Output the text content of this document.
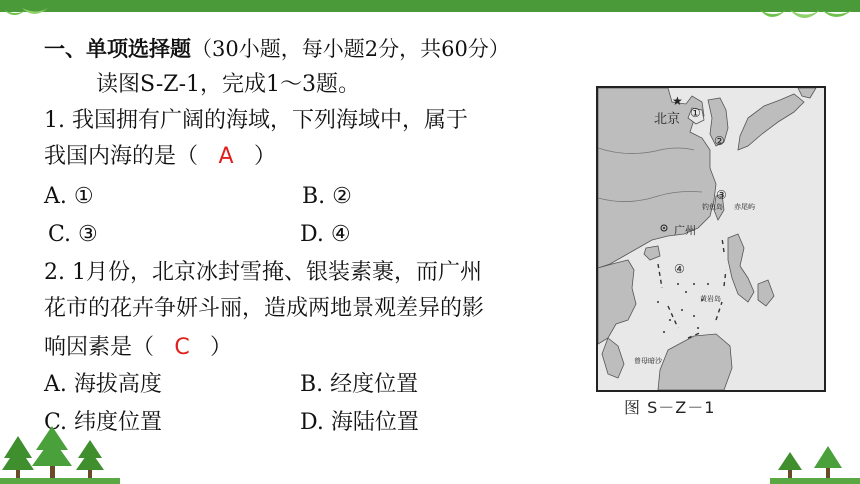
一、单项选择题（30小题，每小题2分，共60分）
读图S-Z-1，完成1～3题。
1. 我国拥有广阔的海域，下列海域中，属于
我国内海的是（ A ）
A. ①	B. ②
C. ③	D. ④
2. 1月份，北京冰封雪掩、银装素裹，而广州
花市的花卉争妍斗丽，造成两地景观差异的影
响因素是（ C ）
A. 海拔高度	B. 经度位置
C. 纬度位置	D. 海陆位置
★
北京 ①
②
③
钓鱼岛 赤尾屿
广州
④
黄岩岛
曾母暗沙
图 S－Z－1
